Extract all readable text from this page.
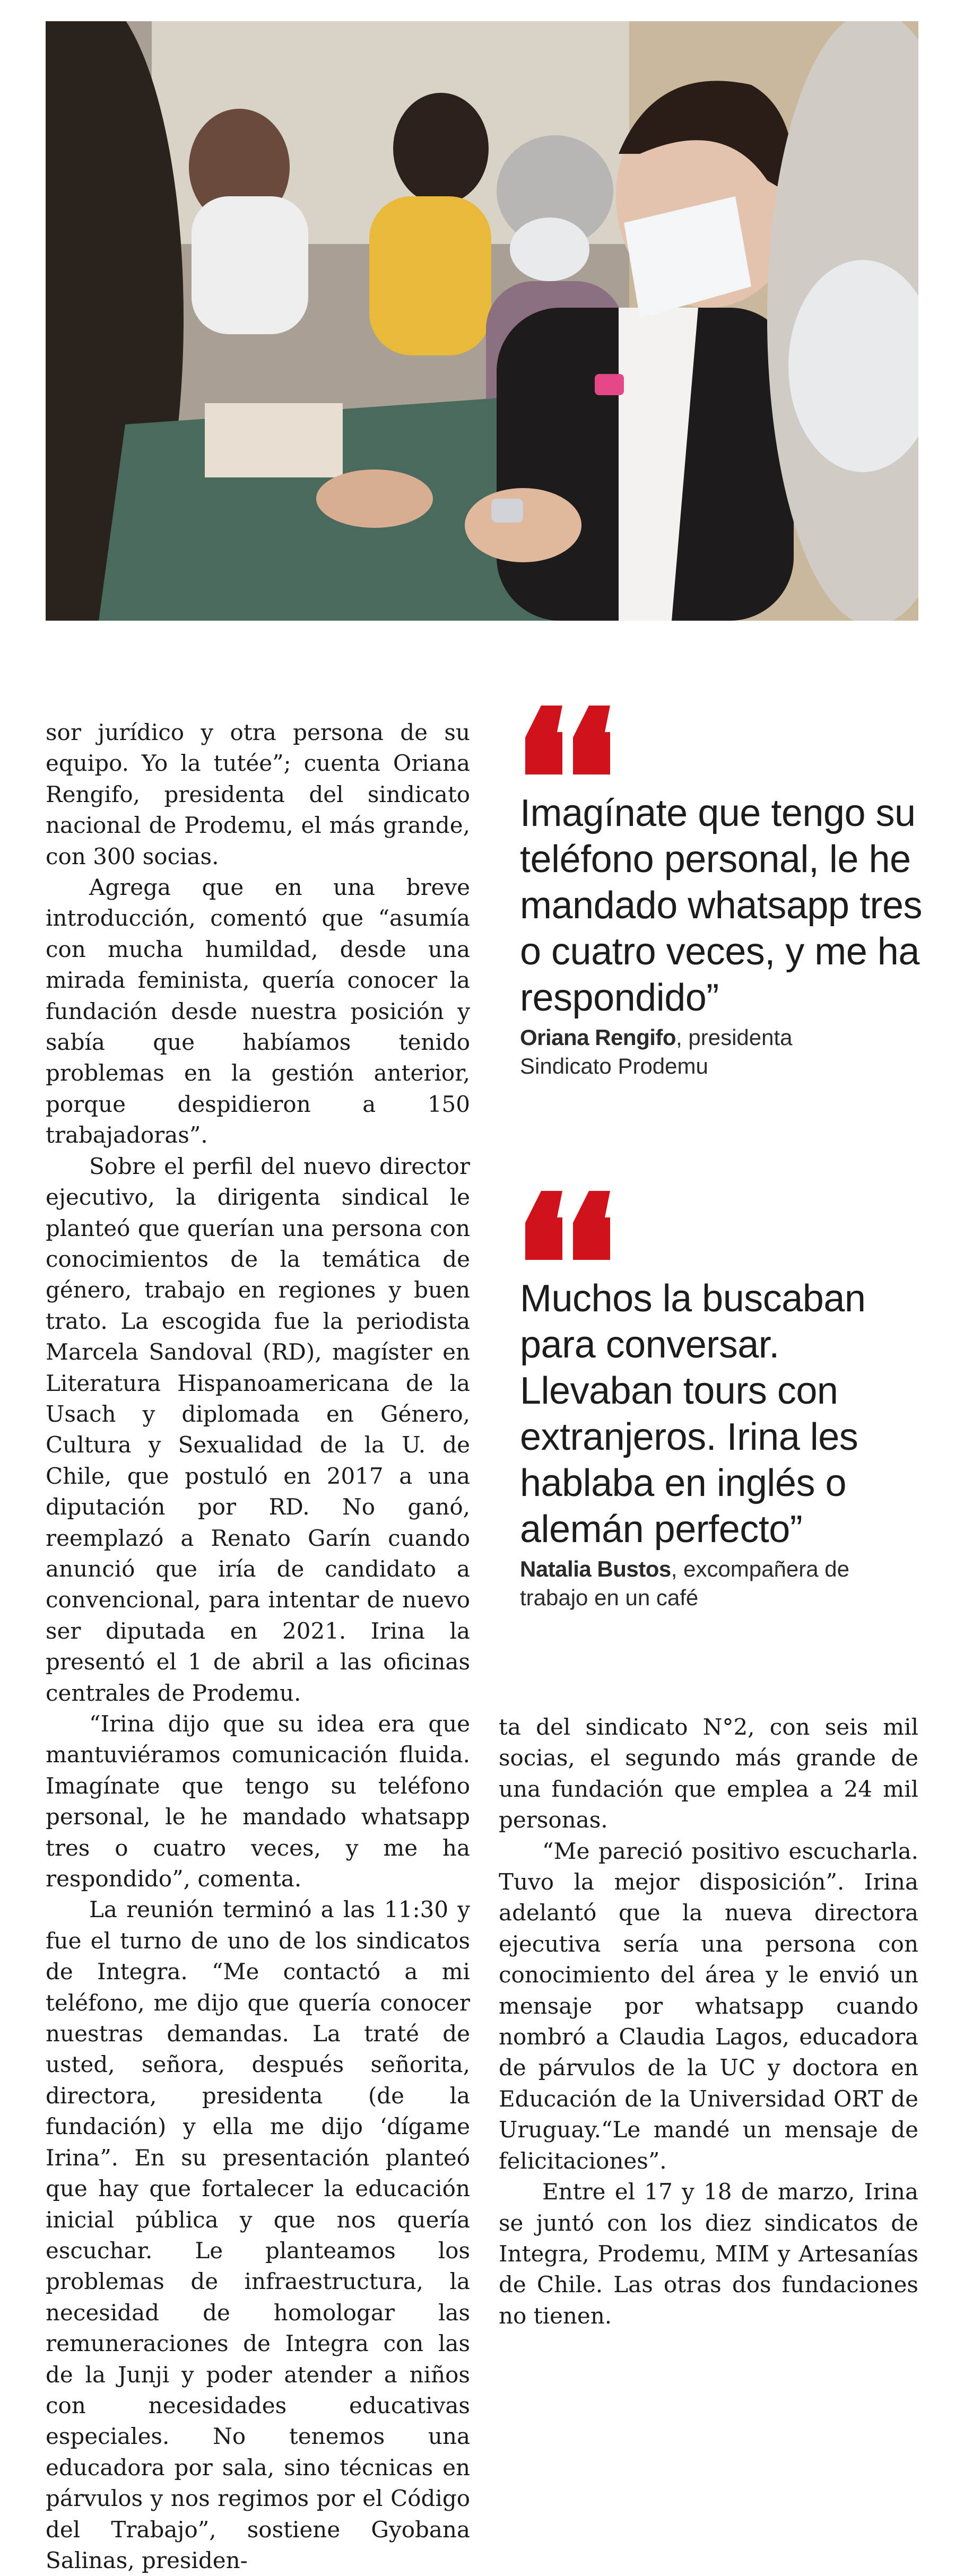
sor jurídico y otra persona de su equipo. Yo la tutée”; cuenta Oriana Rengifo, presidenta del sindicato nacional de Prodemu, el más grande, con 300 socias.

Agrega que en una breve introducción, comentó que “asumía con mucha humildad, desde una mirada feminista, quería conocer la fundación desde nuestra posición y sabía que habíamos tenido problemas en la gestión anterior, porque despidieron a 150 trabajadoras”.

Sobre el perfil del nuevo director ejecutivo, la dirigenta sindical le planteó que querían una persona con conocimientos de la temática de género, trabajo en regiones y buen trato. La escogida fue la periodista Marcela Sandoval (RD), magíster en Literatura Hispanoamericana de la Usach y diplomada en Género, Cultura y Sexualidad de la U. de Chile, que postuló en 2017 a una diputación por RD. No ganó, reemplazó a Renato Garín cuando anunció que iría de candidato a convencional, para intentar de nuevo ser diputada en 2021. Irina la presentó el 1 de abril a las oficinas centrales de Prodemu.

“Irina dijo que su idea era que mantuviéramos comunicación fluida. Imagínate que tengo su teléfono personal, le he mandado whatsapp tres o cuatro veces, y me ha respondido”, comenta.

La reunión terminó a las 11:30 y fue el turno de uno de los sindicatos de Integra. “Me contactó a mi teléfono, me dijo que quería conocer nuestras demandas. La traté de usted, señora, después señorita, directora, presidenta (de la fundación) y ella me dijo ‘dígame Irina”. En su presentación planteó que hay que fortalecer la educación inicial pública y que nos quería escuchar. Le planteamos los problemas de infraestructura, la necesidad de homologar las remuneraciones de Integra con las de la Junji y poder atender a niños con necesidades educativas especiales. No tenemos una educadora por sala, sino técnicas en párvulos y nos regimos por el Código del Trabajo”, sostiene Gyobana Salinas, presiden-

Imagínate que tengo su teléfono personal, le he mandado whatsapp tres o cuatro veces, y me ha respondido”
Oriana Rengifo, presidenta
Sindicato Prodemu
Muchos la buscaban para conversar. Llevaban tours con extranjeros. Irina les hablaba en inglés o alemán perfecto”
Natalia Bustos, excompañera de
trabajo en un café

ta del sindicato N°2, con seis mil socias, el segundo más grande de una fundación que emplea a 24 mil personas.

“Me pareció positivo escucharla. Tuvo la mejor disposición”. Irina adelantó que la nueva directora ejecutiva sería una persona con conocimiento del área y le envió un mensaje por whatsapp cuando nombró a Claudia Lagos, educadora de párvulos de la UC y doctora en Educación de la Universidad ORT de Uruguay.“Le mandé un mensaje de felicitaciones”.

Entre el 17 y 18 de marzo, Irina se juntó con los diez sindicatos de Integra, Prodemu, MIM y Artesanías de Chile. Las otras dos fundaciones no tienen.
